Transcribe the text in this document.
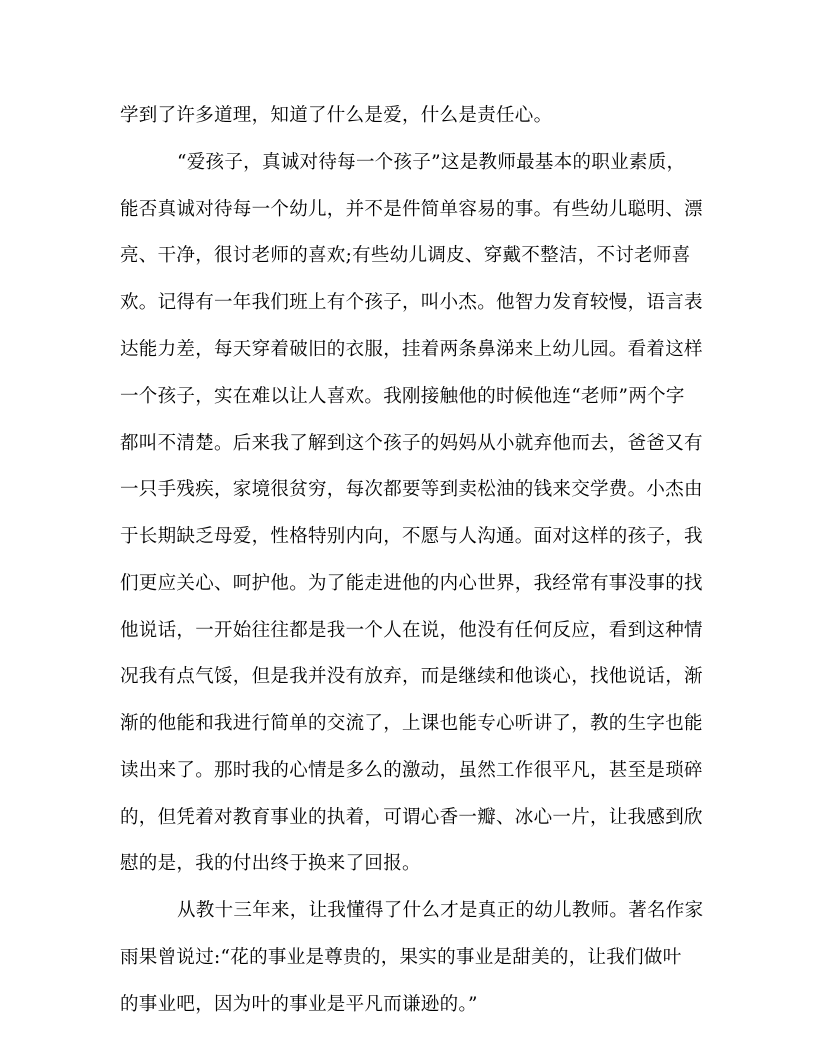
学到了许多道理，知道了什么是爱，什么是责任心。
“爱孩子，真诚对待每一个孩子”这是教师最基本的职业素质，
能否真诚对待每一个幼儿，并不是件简单容易的事。有些幼儿聪明、漂
亮、干净，很讨老师的喜欢;有些幼儿调皮、穿戴不整洁，不讨老师喜
欢。记得有一年我们班上有个孩子，叫小杰。他智力发育较慢，语言表
达能力差，每天穿着破旧的衣服，挂着两条鼻涕来上幼儿园。看着这样
一个孩子，实在难以让人喜欢。我刚接触他的时候他连“老师”两个字
都叫不清楚。后来我了解到这个孩子的妈妈从小就弃他而去，爸爸又有
一只手残疾，家境很贫穷，每次都要等到卖松油的钱来交学费。小杰由
于长期缺乏母爱，性格特别内向，不愿与人沟通。面对这样的孩子，我
们更应关心、呵护他。为了能走进他的内心世界，我经常有事没事的找
他说话，一开始往往都是我一个人在说，他没有任何反应，看到这种情
况我有点气馁，但是我并没有放弃，而是继续和他谈心，找他说话，渐
渐的他能和我进行简单的交流了，上课也能专心听讲了，教的生字也能
读出来了。那时我的心情是多么的激动，虽然工作很平凡，甚至是琐碎
的，但凭着对教育事业的执着，可谓心香一瓣、冰心一片，让我感到欣
慰的是，我的付出终于换来了回报。
从教十三年来，让我懂得了什么才是真正的幼儿教师。著名作家
雨果曾说过:“花的事业是尊贵的，果实的事业是甜美的，让我们做叶
的事业吧，因为叶的事业是平凡而谦逊的。”
